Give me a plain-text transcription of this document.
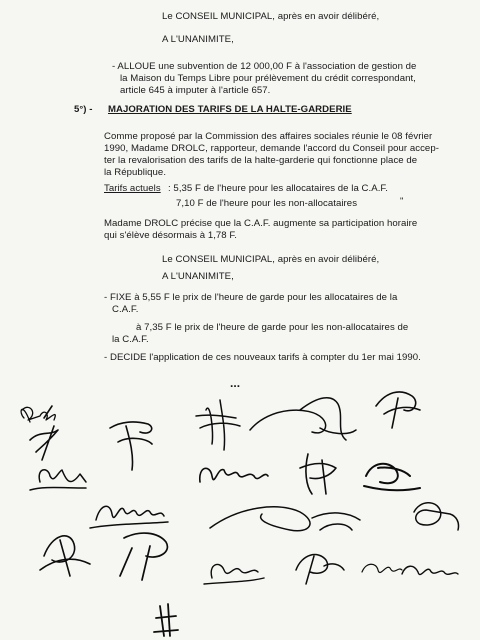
Le CONSEIL MUNICIPAL, après en avoir délibéré,
A L'UNANIMITE,
- ALLOUE une subvention de 12 000,00 F à l'association de gestion de
la Maison du Temps Libre pour prélèvement du crédit correspondant,
article 645 à imputer à l'article 657.
5°) - MAJORATION DES TARIFS DE LA HALTE-GARDERIE
Comme proposé par la Commission des affaires sociales réunie le 08 février
1990, Madame DROLC, rapporteur, demande l'accord du Conseil pour accep-
ter la revalorisation des tarifs de la halte-garderie qui fonctionne place de
la République.
Tarifs actuels : 5,35 F de l'heure pour les allocataires de la C.A.F.
7,10 F de l'heure pour les non-allocataires	"
Madame DROLC précise que la C.A.F. augmente sa participation horaire
qui s'élève désormais à 1,78 F.
Le CONSEIL MUNICIPAL, après en avoir délibéré,
A L'UNANIMITE,
- FIXE à 5,55 F le prix de l'heure de garde pour les allocataires de la
C.A.F.
à 7,35 F le prix de l'heure de garde pour les non-allocataires de
la C.A.F.
- DECIDE l'application de ces nouveaux tarifs à compter du 1er mai 1990.
...
